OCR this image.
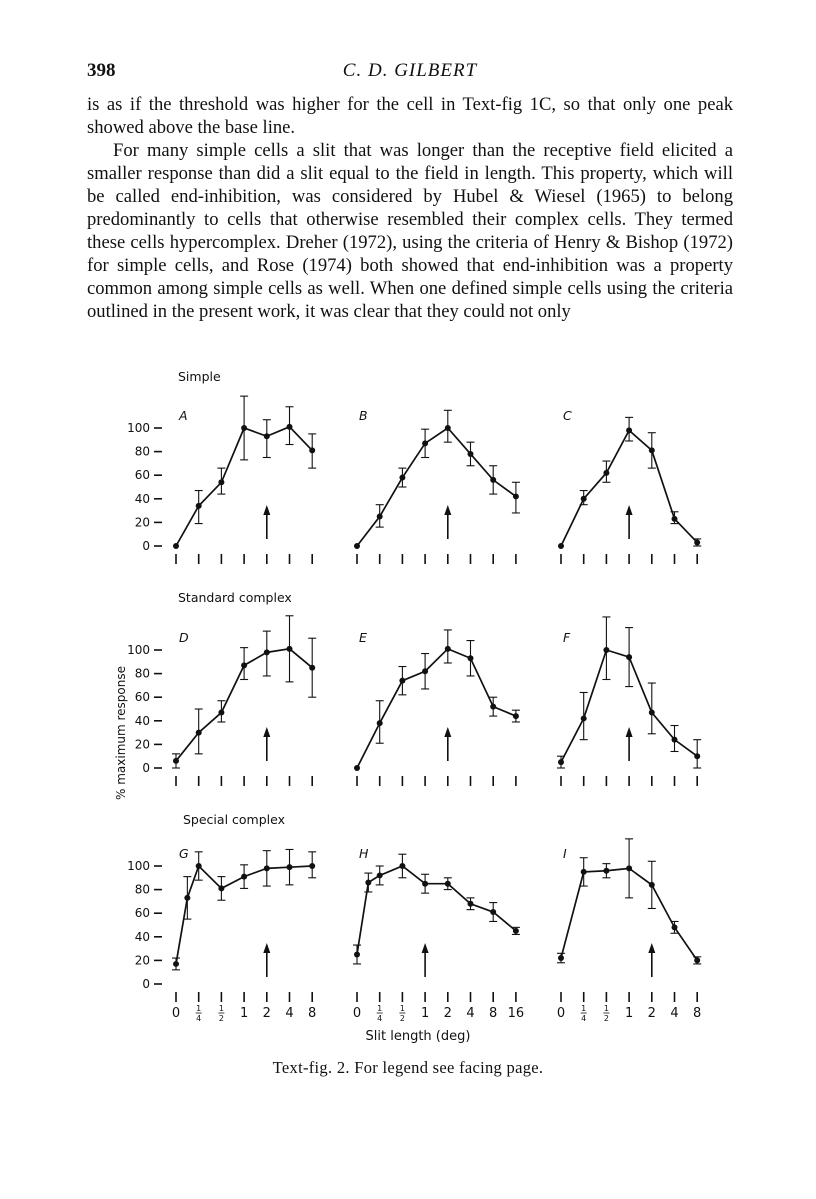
398	C. D. GILBERT

is as if the threshold was higher for the cell in Text-fig 1C, so that only one peak showed above the base line.

For many simple cells a slit that was longer than the receptive field elicited a smaller response than did a slit equal to the field in length. This property, which will be called end-inhibition, was considered by Hubel & Wiesel (1965) to belong predominantly to cells that otherwise resembled their complex cells. They termed these cells hypercomplex. Dreher (1972), using the criteria of Henry & Bishop (1972) for simple cells, and Rose (1974) both showed that end-inhibition was a property common among simple cells as well. When one defined simple cells using the criteria outlined in the present work, it was clear that they could not only

% maximum response
Simple
0
20
40
60
80
100
A	B	C
Standard complex
0
20
40
60
80
100
D	E	F
Special complex
0
20
40
60
80
100
G
0 1
4
1
2 1 2 4 8
H
0 1
4
1
2 1 2 4 8 16
I
0 1
4
1
2 1 2 4 8
Slit length (deg)
Text-fig. 2. For legend see facing page.
